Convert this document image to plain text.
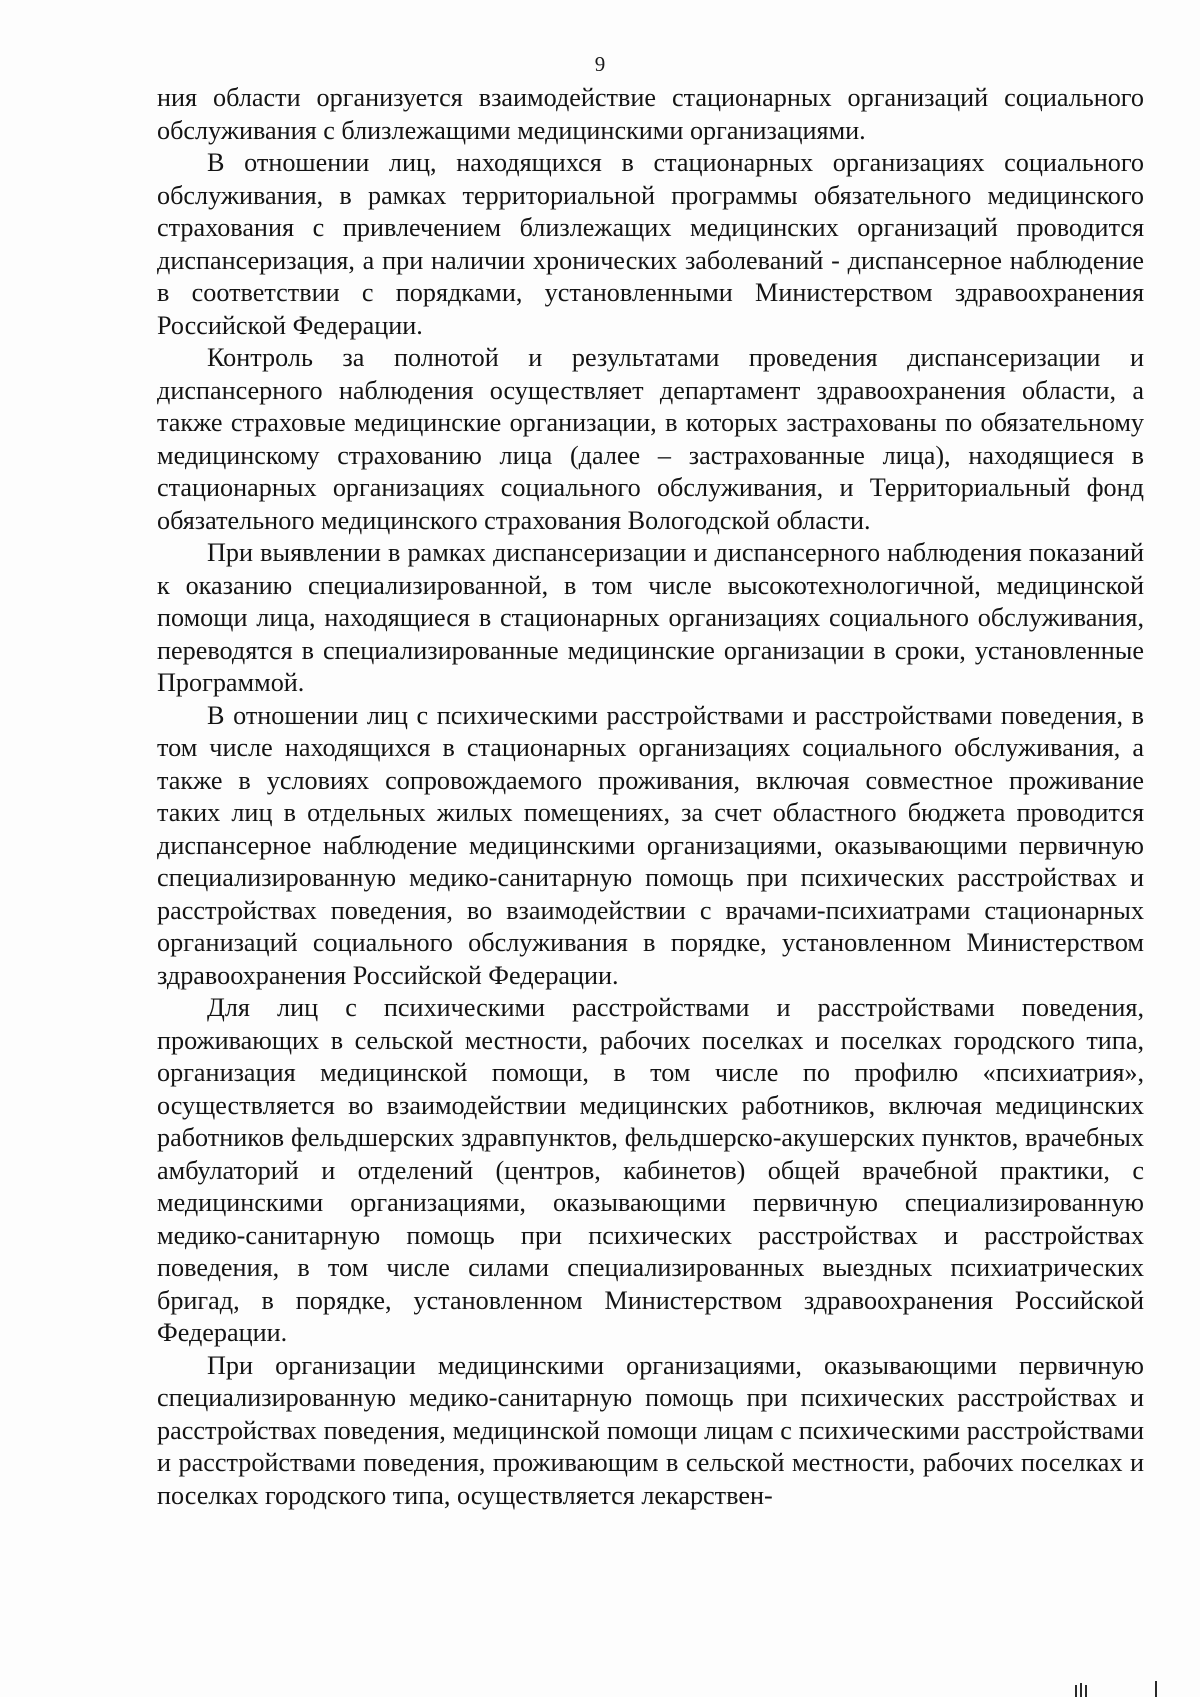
9

ния области организуется взаимодействие стационарных организаций социального обслуживания с близлежащими медицинскими организациями.

В отношении лиц, находящихся в стационарных организациях социального обслуживания, в рамках территориальной программы обязательного медицинского страхования с привлечением близлежащих медицинских организаций проводится диспансеризация, а при наличии хронических заболеваний - диспансерное наблюдение в соответствии с порядками, установленными Министерством здравоохранения Российской Федерации.

Контроль за полнотой и результатами проведения диспансеризации и диспансерного наблюдения осуществляет департамент здравоохранения области, а также страховые медицинские организации, в которых застрахованы по обязательному медицинскому страхованию лица (далее – застрахованные лица), находящиеся в стационарных организациях социального обслуживания, и Территориальный фонд обязательного медицинского страхования Вологодской области.

При выявлении в рамках диспансеризации и диспансерного наблюдения показаний к оказанию специализированной, в том числе высокотехнологичной, медицинской помощи лица, находящиеся в стационарных организациях социального обслуживания, переводятся в специализированные медицинские организации в сроки, установленные Программой.

В отношении лиц с психическими расстройствами и расстройствами поведения, в том числе находящихся в стационарных организациях социального обслуживания, а также в условиях сопровождаемого проживания, включая совместное проживание таких лиц в отдельных жилых помещениях, за счет областного бюджета проводится диспансерное наблюдение медицинскими организациями, оказывающими первичную специализированную медико-санитарную помощь при психических расстройствах и расстройствах поведения, во взаимодействии с врачами-психиатрами стационарных организаций социального обслуживания в порядке, установленном Министерством здравоохранения Российской Федерации.

Для лиц с психическими расстройствами и расстройствами поведения, проживающих в сельской местности, рабочих поселках и поселках городского типа, организация медицинской помощи, в том числе по профилю «психиатрия», осуществляется во взаимодействии медицинских работников, включая медицинских работников фельдшерских здравпунктов, фельдшерско-акушерских пунктов, врачебных амбулаторий и отделений (центров, кабинетов) общей врачебной практики, с медицинскими организациями, оказывающими первичную специализированную медико-санитарную помощь при психических расстройствах и расстройствах поведения, в том числе силами специализированных выездных психиатрических бригад, в порядке, установленном Министерством здравоохранения Российской Федерации.

При организации медицинскими организациями, оказывающими первичную специализированную медико-санитарную помощь при психических расстройствах и расстройствах поведения, медицинской помощи лицам с психическими расстройствами и расстройствами поведения, проживающим в сельской местности, рабочих поселках и поселках городского типа, осуществляется лекарствен-
